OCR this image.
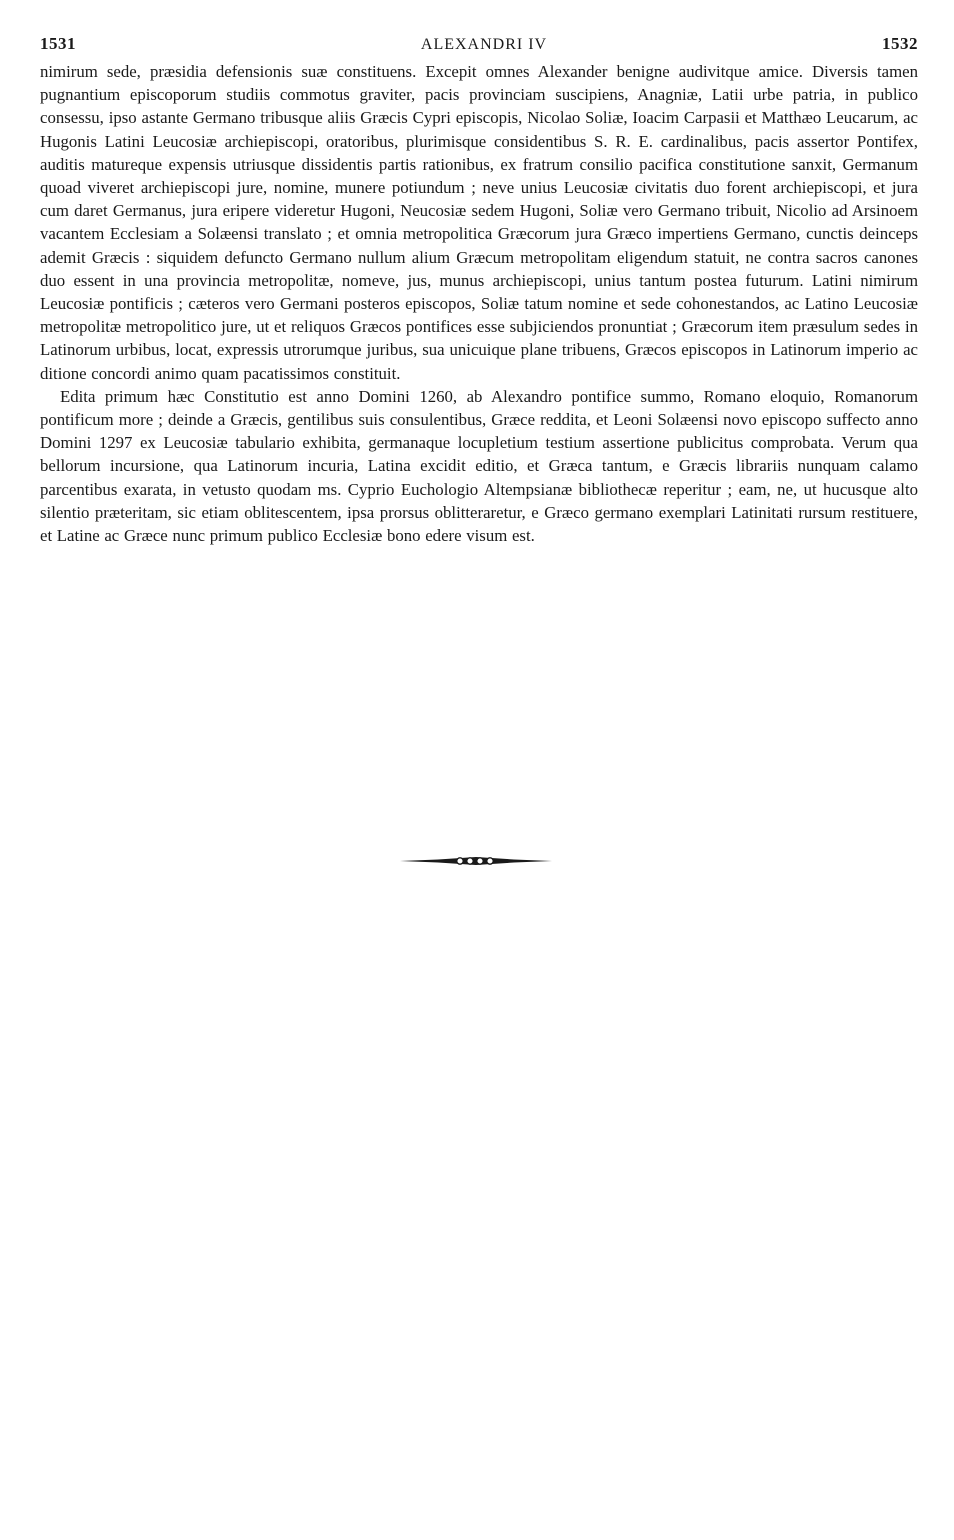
1531	ALEXANDRI IV	1532

nimirum sede, præsidia defensionis suæ constituens. Excepit omnes Alexander benigne audivitque amice. Diversis tamen pugnantium episcoporum studiis commotus graviter, pacis provinciam suscipiens, Anagniæ, Latii urbe patria, in publico consessu, ipso astante Germano tribusque aliis Græcis Cypri episcopis, Nicolao Soliæ, Ioacim Carpasii et Matthæo Leucarum, ac Hugonis Latini Leucosiæ archiepiscopi, oratoribus, plurimisque considentibus S. R. E. cardinalibus, pacis assertor Pontifex, auditis matureque expensis utriusque dissidentis partis rationibus, ex fratrum consilio pacifica constitutione sanxit, Germanum quoad viveret archiepiscopi jure, nomine, munere potiundum ; neve unius Leucosiæ civitatis duo forent archiepiscopi, et jura cum daret Germanus, jura eripere videretur Hugoni, Neucosiæ sedem Hugoni, Soliæ vero Germano tribuit, Nicolio ad Arsinoem vacantem Ecclesiam a Solæensi translato ; et omnia metropolitica Græcorum jura Græco impertiens Germano, cunctis deinceps ademit Græcis : siquidem defuncto Germano nullum alium Græcum metropolitam eligendum statuit, ne contra sacros canones duo essent in una provincia metropolitæ, nomeve, jus, munus archiepiscopi, unius tantum postea futurum. Latini nimirum Leucosiæ pontificis ; cæteros vero Germani posteros episcopos, Soliæ tatum nomine et sede cohonestandos, ac Latino Leucosiæ metropolitæ metropolitico jure, ut et reliquos Græcos pontifices esse subjiciendos pronuntiat ; Græcorum item præsulum sedes in Latinorum urbibus, locat, expressis utrorumque juribus, sua unicuique plane tribuens, Græcos episcopos in Latinorum imperio ac ditione concordi animo quam pacatissimos constituit.

Edita primum hæc Constitutio est anno Domini 1260, ab Alexandro pontifice summo, Romano eloquio, Romanorum pontificum more ; deinde a Græcis, gentilibus suis consulentibus, Græce reddita, et Leoni Solæensi novo episcopo suffecto anno Domini 1297 ex Leucosiæ tabulario exhibita, germanaque locupletium testium assertione publicitus comprobata. Verum qua bellorum incursione, qua Latinorum incuria, Latina excidit editio, et Græca tantum, e Græcis librariis nunquam calamo parcentibus exarata, in vetusto quodam ms. Cyprio Euchologio Altempsianæ bibliothecæ reperitur ; eam, ne, ut hucusque alto silentio præteritam, sic etiam oblitescentem, ipsa prorsus oblitteraretur, e Græco germano exemplari Latinitati rursum restituere, et Latine ac Græce nunc primum publico Ecclesiæ bono edere visum est.
